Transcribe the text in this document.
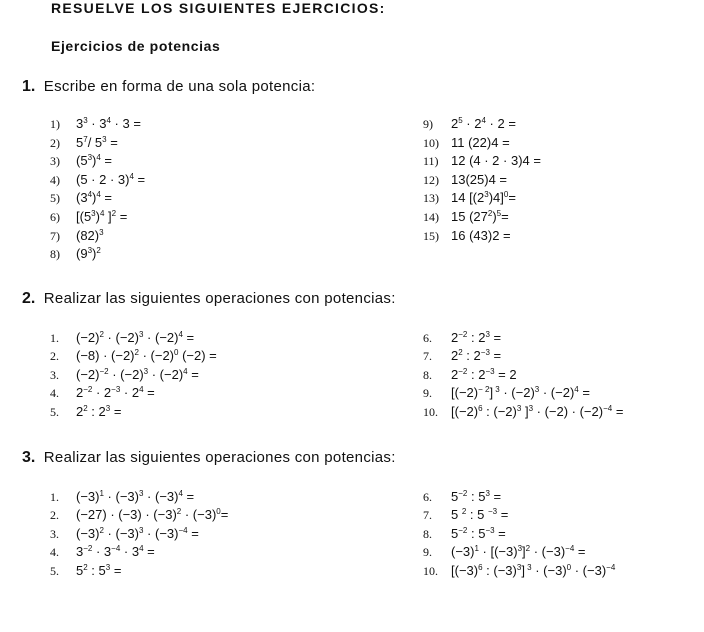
RESUELVE LOS SIGUIENTES EJERCICIOS:
Ejercicios de potencias
1. Escribe en forma de una sola potencia:
1) $3^3 \cdot 3^4 \cdot 3$ =
2) $5^7/$ $5^3$ =
3) $(5^3)^4$ =
4) $(5 \cdot 2 \cdot 3)^4$ =
5) $(3^4)^4$ =
6) [$(5^3)^4$ ]$^2$ =
7) $(82)^3$
8) $(9^3)^2$
9) $2^5 \cdot 2^4 \cdot 2$ =
10) 11 (22)4 =
11) 12 (4 · 2 · 3)4 =
12) 13(25)4 =
13) 14 $[(2^3)4]^0=$
14) 15 $(27^2)^5=$
15) 16 (43)2 =
2. Realizar las siguientes operaciones con potencias:
1. $(-2)^2 \cdot (-2)^3 \cdot (-2)^4$ =
2. $(-8) \cdot (-2)^2 \cdot (-2)^0$ (−2) =
3. $(-2)^{-2} \cdot (-2)^3 \cdot (-2)^4$ =
4. $2^{-2} \cdot 2^{-3} \cdot 2^4$ =
5. $2^2$ : $2^3$ =
6. $2^{-2}$ : $2^3$ =
7. $2^2$ : $2^{-3}$ =
8. $2^{-2}$ : $2^{-3} = 2$
9. $[(-2)^{- 2}] ^3 \cdot (-2)^3 \cdot (-2)^4$ =
10. [$(-2)^6$ : $(-2)^3$ ]$^3 \cdot (-2) \cdot (-2)^{-4}$ =
3. Realizar las siguientes operaciones con potencias:
1. $(-3)^1 \cdot (-3)^3 \cdot (-3)^4$ =
2. $(-27) \cdot (-3) \cdot (-3)^2 \cdot (-3)^0=$
3. $(-3)^2 \cdot (-3)^3 \cdot (-3)^{-4}$ =
4. $3^{-2} \cdot 3^{-4} \cdot 3^4$ =
5. $5^2$ : $5^3$ =
6. $5^{-2}$ : $5^3$ =
7. 5 $^2$ : 5 $^{-3}$ =
8. $5^{-2}$ : $5^{-3}$ =
9. $(-3)^1 \cdot [(-3)^3]^2 \cdot (-3)^{-4}$ =
10. [$(-3)^6$ : $(-3)^3$] $^3 \cdot (-3)^0 \cdot (-3)^{-4}$
